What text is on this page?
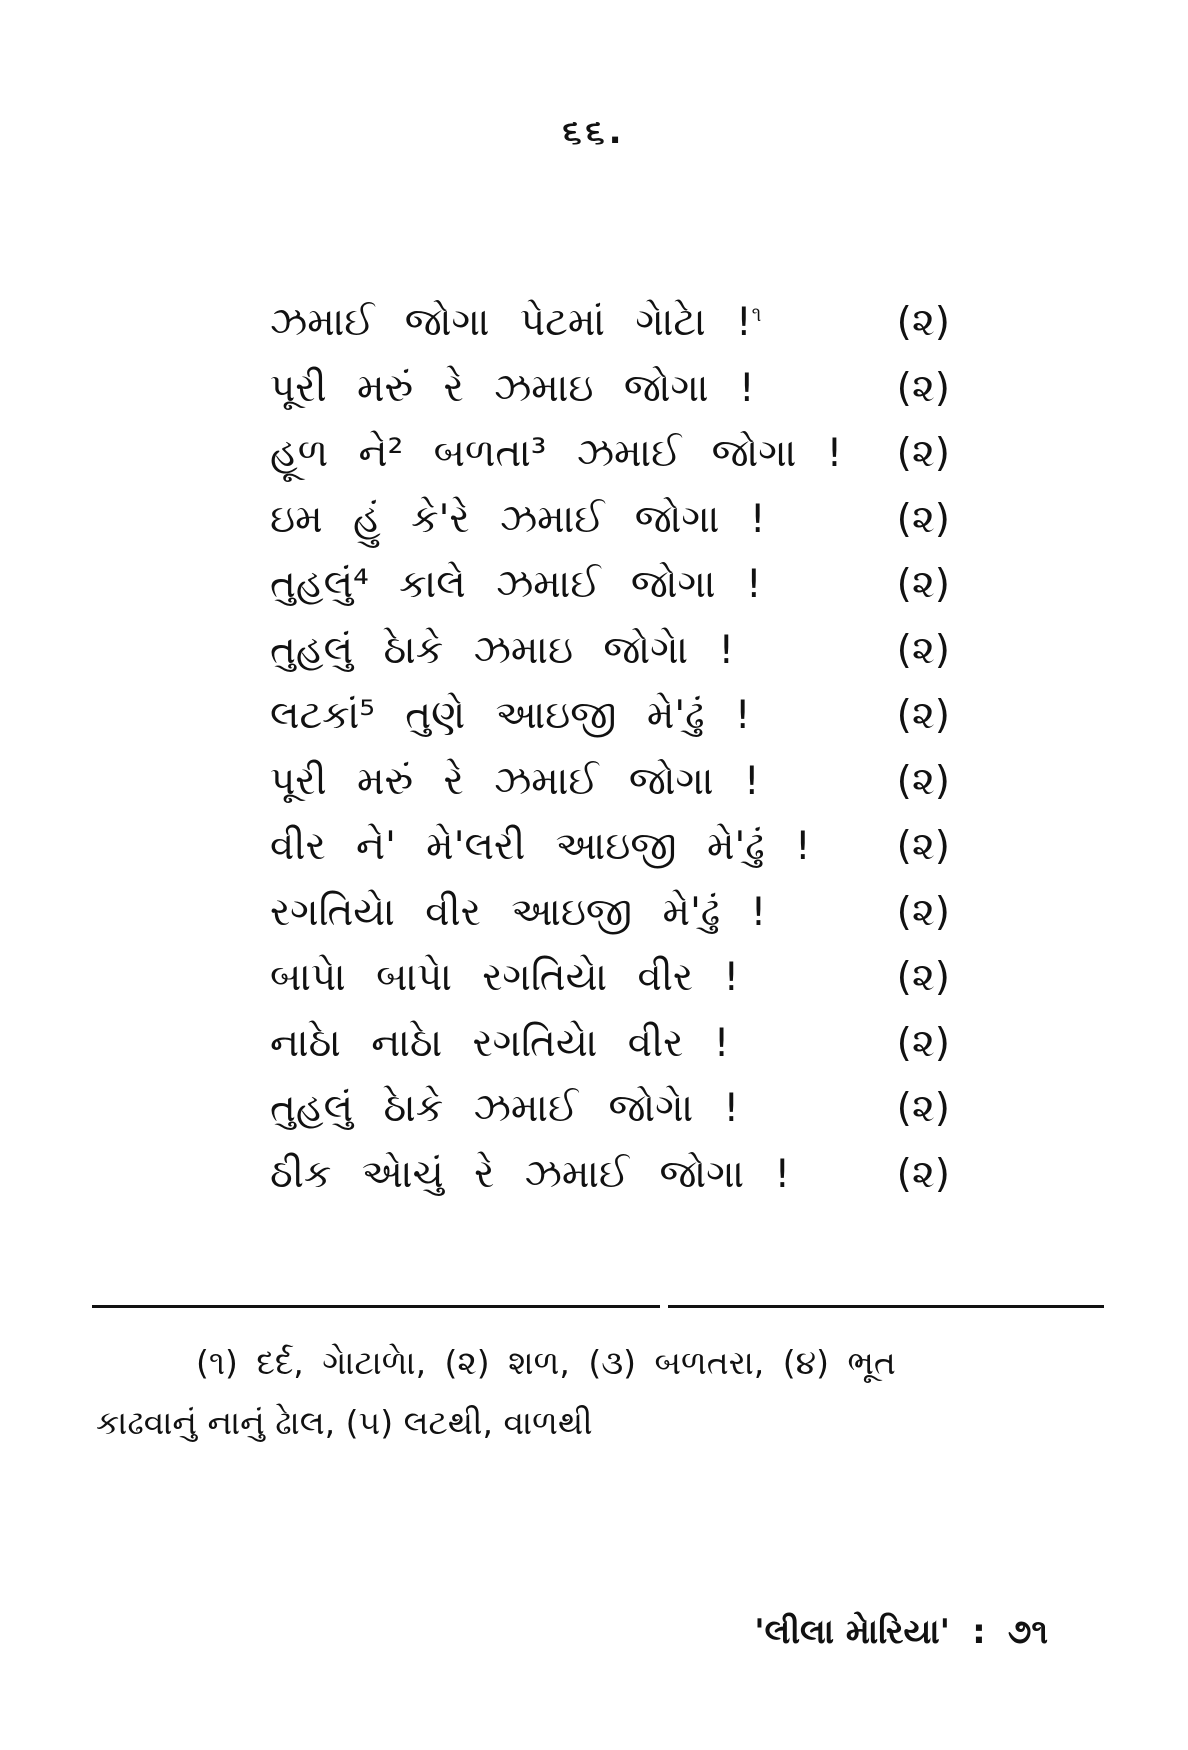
૬૬.
ઝમાઈ જોગા પેટમાં ગેાટેા !$^૧$	(૨)
પૂરી મરું રે ઝમાઇ જોગા !	(૨)
હૂળ ને² બળતા³ ઝમાઈ જોગા ! (૨)
ઇમ હું કે'રે ઝમાઈ જોગા !	(૨)
તુહલું⁴ કાલે ઝમાઈ જોગા !	(૨)
તુહલું ઠેાકે ઝમાઇ જોગેા !	(૨)
લટકાં⁵ તુણે આઇજી મે'ઢું !	(૨)
પૂરી મરું રે ઝમાઈ જોગા !	(૨)
વીર ને' મે'લરી આઇજી મે'ઢું ! (૨)
રગતિયેા વીર આઇજી મે'ઢું !	(૨)
બાપેા બાપેા રગતિયેા વીર !	(૨)
નાઠેા નાઠેા રગતિયેા વીર !	(૨)
તુહલું ઠેાકે ઝમાઈ જોગેા !	(૨)
ઠીક એાચું રે ઝમાઈ જોગા !	(૨)
(૧) દર્દ, ગેાટાળેા, (૨) શળ, (૩) બળતરા, (૪) ભૂત
કાઢવાનું નાનું ઢેાલ, (૫) લટથી, વાળથી
'લીલા મેારિયા' : ૭૧
